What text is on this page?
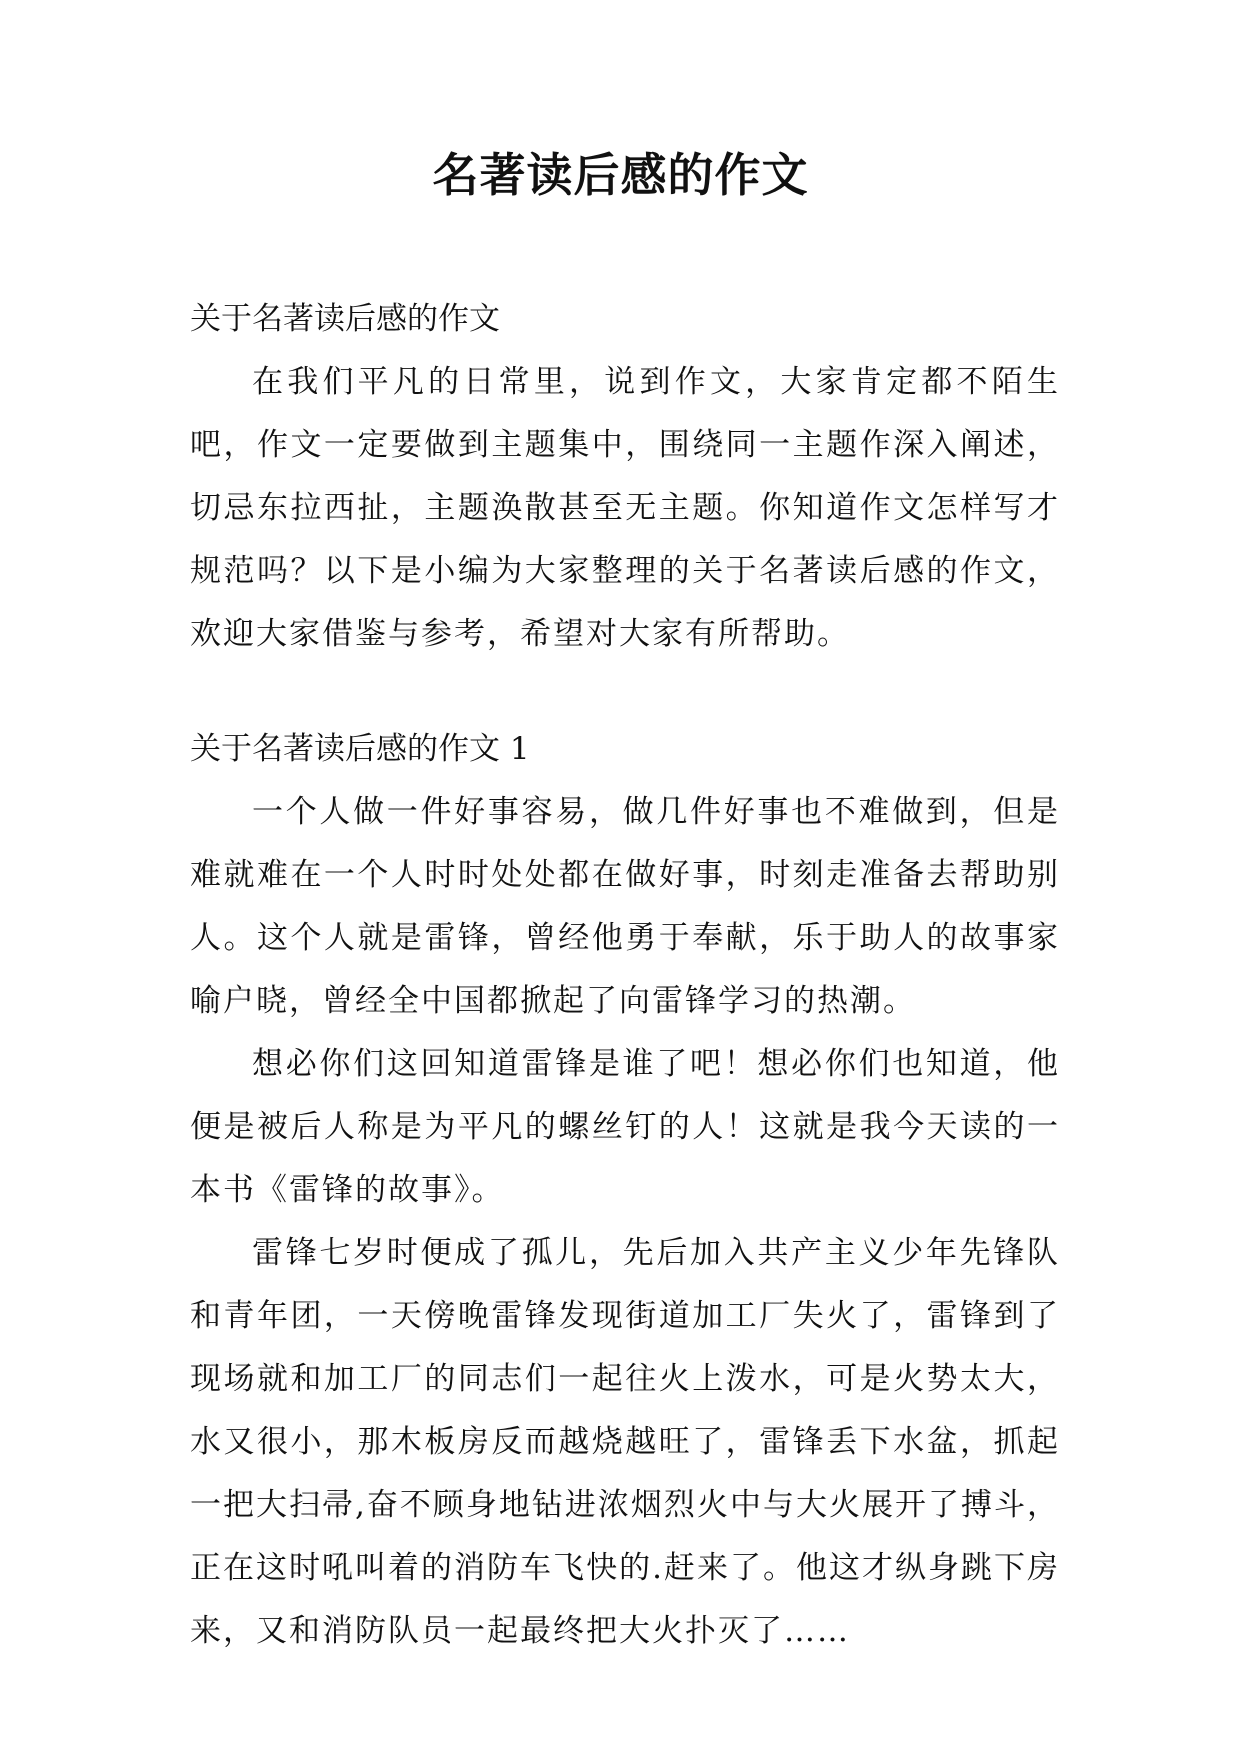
名著读后感的作文

关于名著读后感的作文

在我们平凡的日常里，说到作文，大家肯定都不陌生吧，作文一定要做到主题集中，围绕同一主题作深入阐述，切忌东拉西扯，主题涣散甚至无主题。你知道作文怎样写才规范吗？以下是小编为大家整理的关于名著读后感的作文，欢迎大家借鉴与参考，希望对大家有所帮助。

关于名著读后感的作文 1

一个人做一件好事容易，做几件好事也不难做到，但是难就难在一个人时时处处都在做好事，时刻走准备去帮助别人。这个人就是雷锋，曾经他勇于奉献，乐于助人的故事家喻户晓，曾经全中国都掀起了向雷锋学习的热潮。

想必你们这回知道雷锋是谁了吧！想必你们也知道，他便是被后人称是为平凡的螺丝钉的人！这就是我今天读的一本书《雷锋的故事》。

雷锋七岁时便成了孤儿，先后加入共产主义少年先锋队和青年团，一天傍晚雷锋发现街道加工厂失火了，雷锋到了现场就和加工厂的同志们一起往火上泼水，可是火势太大，水又很小，那木板房反而越烧越旺了，雷锋丢下水盆，抓起一把大扫帚,奋不顾身地钻进浓烟烈火中与大火展开了搏斗，正在这时吼叫着的消防车飞快的.赶来了。他这才纵身跳下房来，又和消防队员一起最终把大火扑灭了……
